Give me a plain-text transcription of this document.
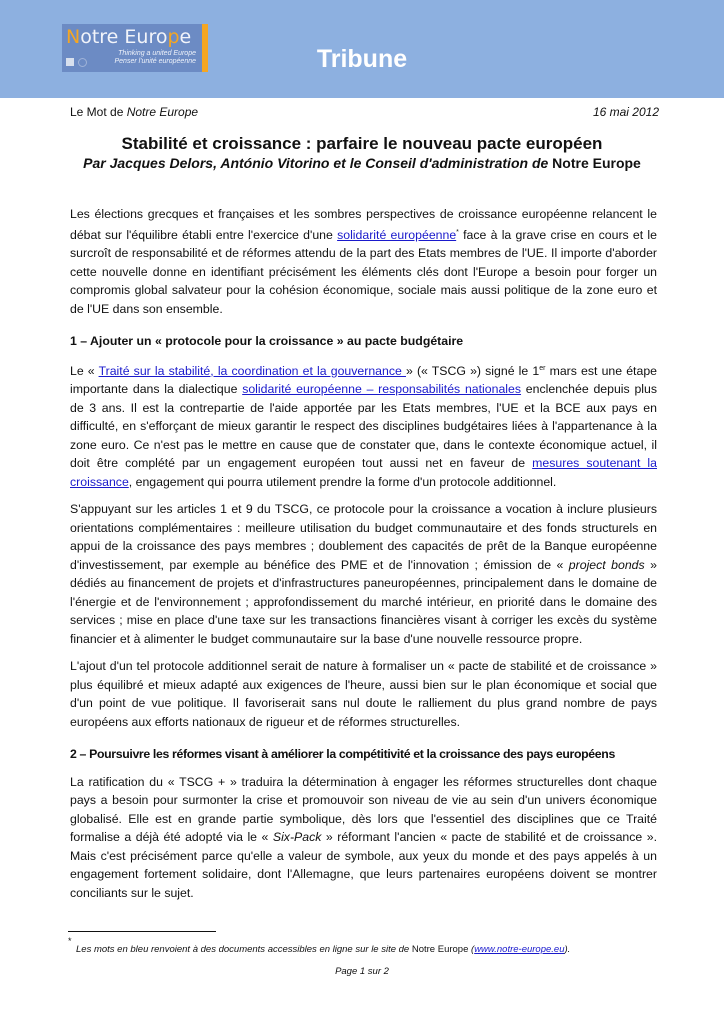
Notre Europe
Thinking a united Europe
Penser l'unité européenne	Tribune
Le Mot de Notre Europe	16 mai 2012
Stabilité et croissance : parfaire le nouveau pacte européen
Par Jacques Delors, António Vitorino et le Conseil d'administration de Notre Europe

Les élections grecques et françaises et les sombres perspectives de croissance européenne relancent le débat sur l'équilibre établi entre l'exercice d'une solidarité européenne* face à la grave crise en cours et le surcroît de responsabilité et de réformes attendu de la part des Etats membres de l'UE. Il importe d'aborder cette nouvelle donne en identifiant précisément les éléments clés dont l'Europe a besoin pour forger un compromis global salvateur pour la cohésion économique, sociale mais aussi politique de la zone euro et de l'UE dans son ensemble.

1 – Ajouter un « protocole pour la croissance » au pacte budgétaire

Le « Traité sur la stabilité, la coordination et la gouvernance » (« TSCG ») signé le 1er mars est une étape importante dans la dialectique solidarité européenne – responsabilités nationales enclenchée depuis plus de 3 ans. Il est la contrepartie de l'aide apportée par les Etats membres, l'UE et la BCE aux pays en difficulté, en s'efforçant de mieux garantir le respect des disciplines budgétaires liées à l'appartenance à la zone euro. Ce n'est pas le mettre en cause que de constater que, dans le contexte économique actuel, il doit être complété par un engagement européen tout aussi net en faveur de mesures soutenant la croissance, engagement qui pourra utilement prendre la forme d'un protocole additionnel.

S'appuyant sur les articles 1 et 9 du TSCG, ce protocole pour la croissance a vocation à inclure plusieurs orientations complémentaires : meilleure utilisation du budget communautaire et des fonds structurels en appui de la croissance des pays membres ; doublement des capacités de prêt de la Banque européenne d'investissement, par exemple au bénéfice des PME et de l'innovation ; émission de « project bonds » dédiés au financement de projets et d'infrastructures paneuropéennes, principalement dans le domaine de l'énergie et de l'environnement ; approfondissement du marché intérieur, en priorité dans le domaine des services ; mise en place d'une taxe sur les transactions financières visant à corriger les excès du système financier et à alimenter le budget communautaire sur la base d'une nouvelle ressource propre.

L'ajout d'un tel protocole additionnel serait de nature à formaliser un « pacte de stabilité et de croissance » plus équilibré et mieux adapté aux exigences de l'heure, aussi bien sur le plan économique et social que d'un point de vue politique. Il favoriserait sans nul doute le ralliement du plus grand nombre de pays européens aux efforts nationaux de rigueur et de réformes structurelles.

2 – Poursuivre les réformes visant à améliorer la compétitivité et la croissance des pays européens

La ratification du « TSCG + » traduira la détermination à engager les réformes structurelles dont chaque pays a besoin pour surmonter la crise et promouvoir son niveau de vie au sein d'un univers économique globalisé. Elle est en grande partie symbolique, dès lors que l'essentiel des disciplines que ce Traité formalise a déjà été adopté via le « Six-Pack » réformant l'ancien « pacte de stabilité et de croissance ». Mais c'est précisément parce qu'elle a valeur de symbole, aux yeux du monde et des pays appelés à un engagement fortement solidaire, dont l'Allemagne, que leurs partenaires européens doivent se montrer conciliants sur le sujet.

*
Les mots en bleu renvoient à des documents accessibles en ligne sur le site de Notre Europe (www.notre-europe.eu).
Page 1 sur 2
